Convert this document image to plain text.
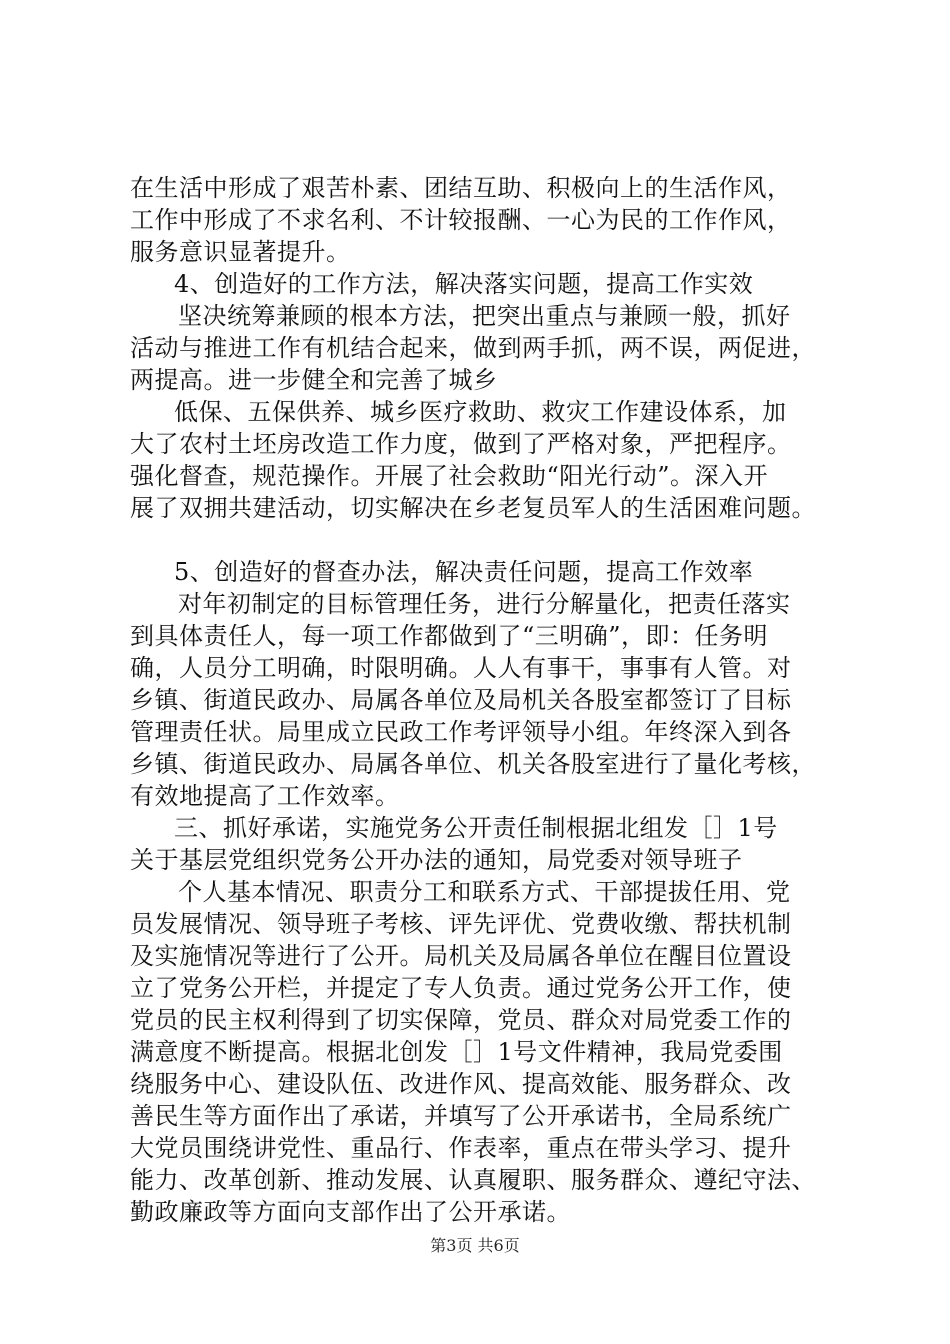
在生活中形成了艰苦朴素、团结互助、积极向上的生活作风，
工作中形成了不求名利、不计较报酬、一心为民的工作作风，
服务意识显著提升。
4、创造好的工作方法，解决落实问题，提高工作实效
坚决统筹兼顾的根本方法，把突出重点与兼顾一般，抓好
活动与推进工作有机结合起来，做到两手抓，两不误，两促进，
两提高。进一步健全和完善了城乡
低保、五保供养、城乡医疗救助、救灾工作建设体系，加
大了农村土坯房改造工作力度，做到了严格对象，严把程序。
强化督查，规范操作。开展了社会救助“阳光行动”。深入开
展了双拥共建活动，切实解决在乡老复员军人的生活困难问题。
5、创造好的督查办法，解决责任问题，提高工作效率
对年初制定的目标管理任务，进行分解量化，把责任落实
到具体责任人，每一项工作都做到了“三明确”，即：任务明
确，人员分工明确，时限明确。人人有事干，事事有人管。对
乡镇、街道民政办、局属各单位及局机关各股室都签订了目标
管理责任状。局里成立民政工作考评领导小组。年终深入到各
乡镇、街道民政办、局属各单位、机关各股室进行了量化考核，
有效地提高了工作效率。
三、抓好承诺，实施党务公开责任制根据北组发［］1号
关于基层党组织党务公开办法的通知，局党委对领导班子
个人基本情况、职责分工和联系方式、干部提拔任用、党
员发展情况、领导班子考核、评先评优、党费收缴、帮扶机制
及实施情况等进行了公开。局机关及局属各单位在醒目位置设
立了党务公开栏，并提定了专人负责。通过党务公开工作，使
党员的民主权利得到了切实保障，党员、群众对局党委工作的
满意度不断提高。根据北创发［］1号文件精神，我局党委围
绕服务中心、建设队伍、改进作风、提高效能、服务群众、改
善民生等方面作出了承诺，并填写了公开承诺书，全局系统广
大党员围绕讲党性、重品行、作表率，重点在带头学习、提升
能力、改革创新、推动发展、认真履职、服务群众、遵纪守法、
勤政廉政等方面向支部作出了公开承诺。
第3页 共6页
